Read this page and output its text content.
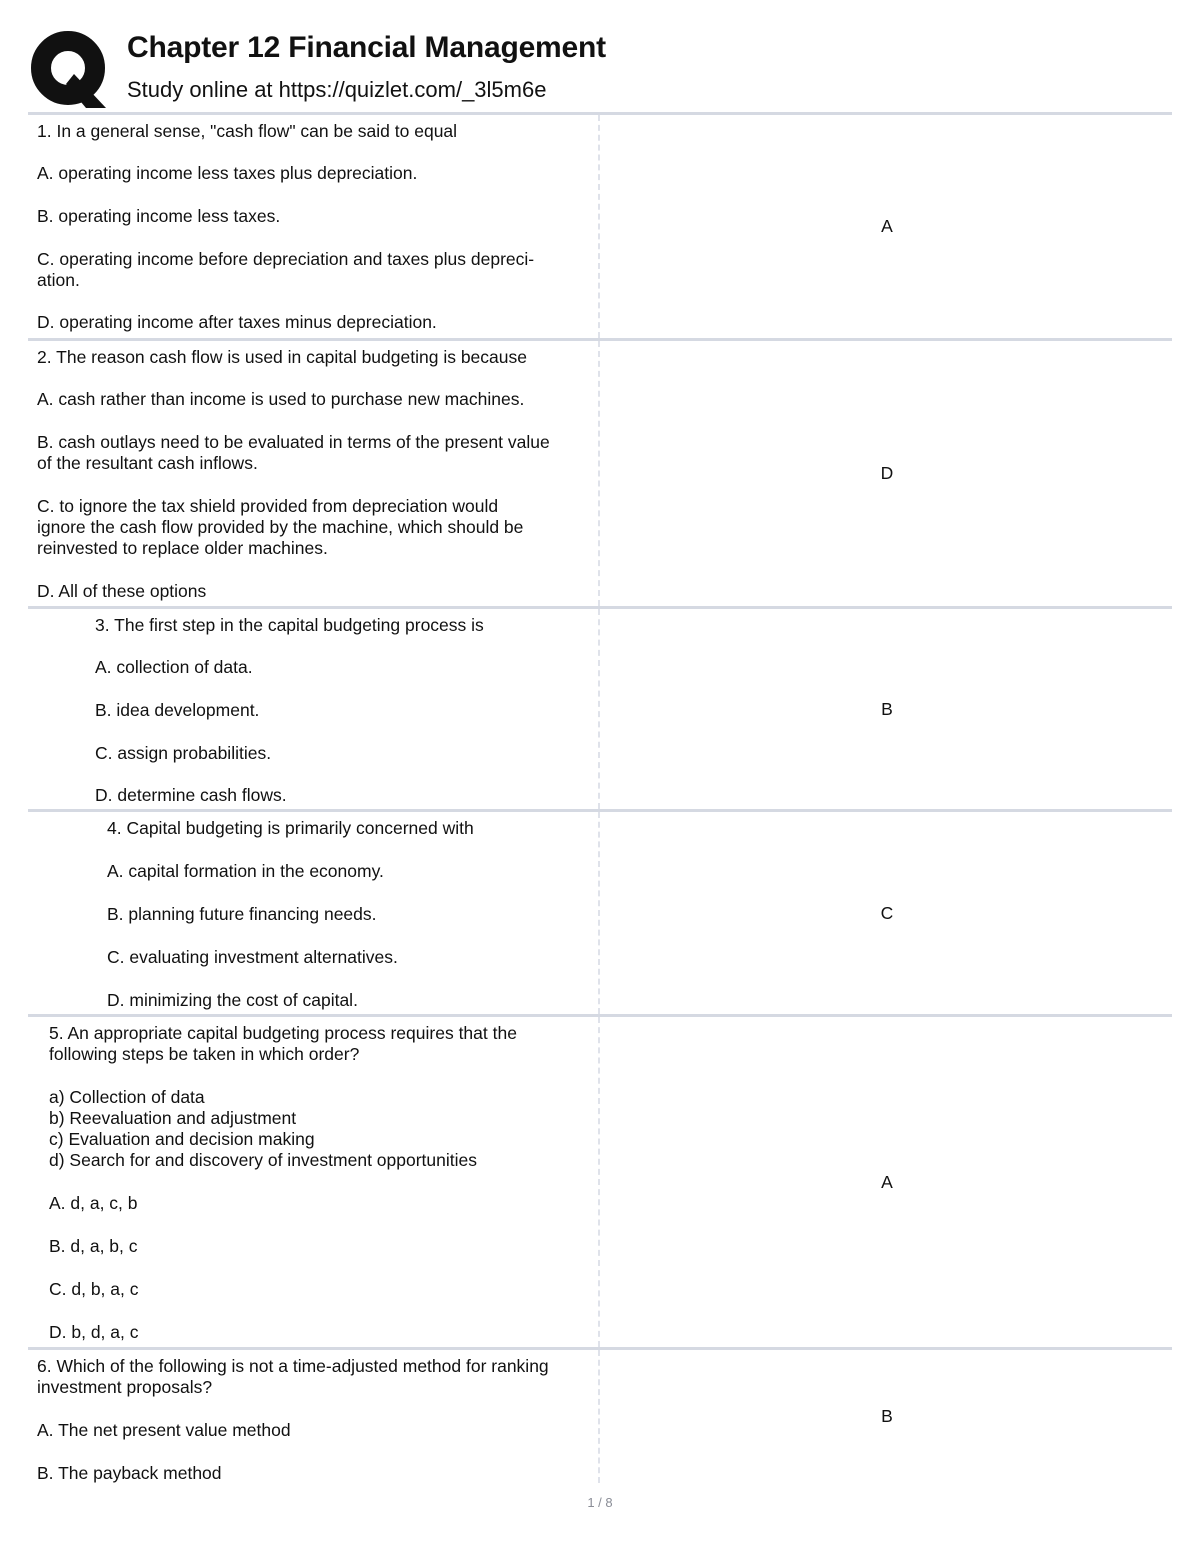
Chapter 12 Financial Management
Study online at https://quizlet.com/_3l5m6e

1. In a general sense, "cash flow" can be said to equal

A. operating income less taxes plus depreciation.

B. operating income less taxes.

C. operating income before depreciation and taxes plus depreci-
ation.

D. operating income after taxes minus depreciation.

A

2. The reason cash flow is used in capital budgeting is because

A. cash rather than income is used to purchase new machines.

B. cash outlays need to be evaluated in terms of the present value
of the resultant cash inflows.

C. to ignore the tax shield provided from depreciation would
ignore the cash flow provided by the machine, which should be
reinvested to replace older machines.

D. All of these options

D

3. The first step in the capital budgeting process is

A. collection of data.

B. idea development.

C. assign probabilities.

D. determine cash flows.

B

4. Capital budgeting is primarily concerned with

A. capital formation in the economy.

B. planning future financing needs.

C. evaluating investment alternatives.

D. minimizing the cost of capital.

C

5. An appropriate capital budgeting process requires that the
following steps be taken in which order?

a) Collection of data
b) Reevaluation and adjustment
c) Evaluation and decision making
d) Search for and discovery of investment opportunities

A. d, a, c, b

B. d, a, b, c

C. d, b, a, c

D. b, d, a, c

A

6. Which of the following is not a time-adjusted method for ranking
investment proposals?

A. The net present value method

B. The payback method

B
1 / 8
